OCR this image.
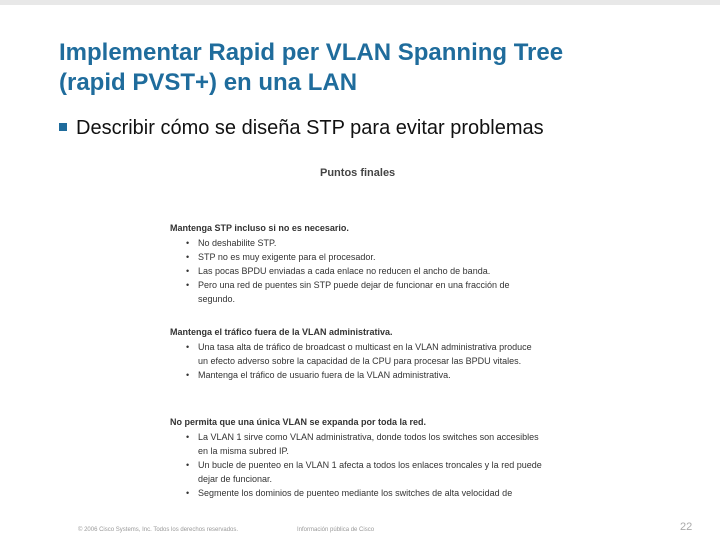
Implementar Rapid per VLAN Spanning Tree
(rapid PVST+) en una LAN
Describir cómo se diseña STP para evitar problemas
Puntos finales
Mantenga STP incluso si no es necesario.
• No deshabilite STP.
• STP no es muy exigente para el procesador.
• Las pocas BPDU enviadas a cada enlace no reducen el ancho de banda.
• Pero una red de puentes sin STP puede dejar de funcionar en una fracción de segundo.
Mantenga el tráfico fuera de la VLAN administrativa.
• Una tasa alta de tráfico de broadcast o multicast en la VLAN administrativa produce un efecto adverso sobre la capacidad de la CPU para procesar las BPDU vitales.
• Mantenga el tráfico de usuario fuera de la VLAN administrativa.
No permita que una única VLAN se expanda por toda la red.
• La VLAN 1 sirve como VLAN administrativa, donde todos los switches son accesibles en la misma subred IP.
• Un bucle de puenteo en la VLAN 1 afecta a todos los enlaces troncales y la red puede dejar de funcionar.
• Segmente los dominios de puenteo mediante los switches de alta velocidad de
© 2006 Cisco Systems, Inc. Todos los derechos reservados.	Información pública de Cisco	22
